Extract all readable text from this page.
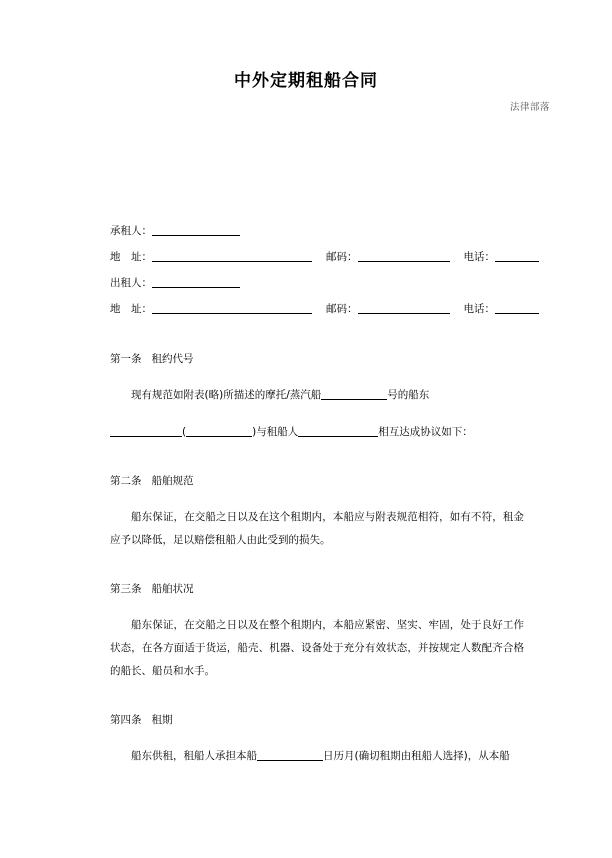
法律部落
中外定期租船合同
承租人：
地　址：	邮码：	电话：
出租人：
地　址：	邮码：	电话：
第一条 租约代号
现有规范如附表(略)所描述的摩托/蒸汽船	号的船东
(	)与租船人	相互达成协议如下：
第二条 船舶规范
船东保证，在交船之日以及在这个租期内，本船应与附表规范相符，如有不符，租金应予以降低，足以赔偿租船人由此受到的损失。
第三条 船舶状况
船东保证，在交船之日以及在整个租期内，本船应紧密、坚实、牢固，处于良好工作状态，在各方面适于货运，船壳、机器、设备处于充分有效状态，并按规定人数配齐合格的船长、船员和水手。
第四条 租期
船东供租，租船人承担本船	日历月(确切租期由租船人选择)，从本船
